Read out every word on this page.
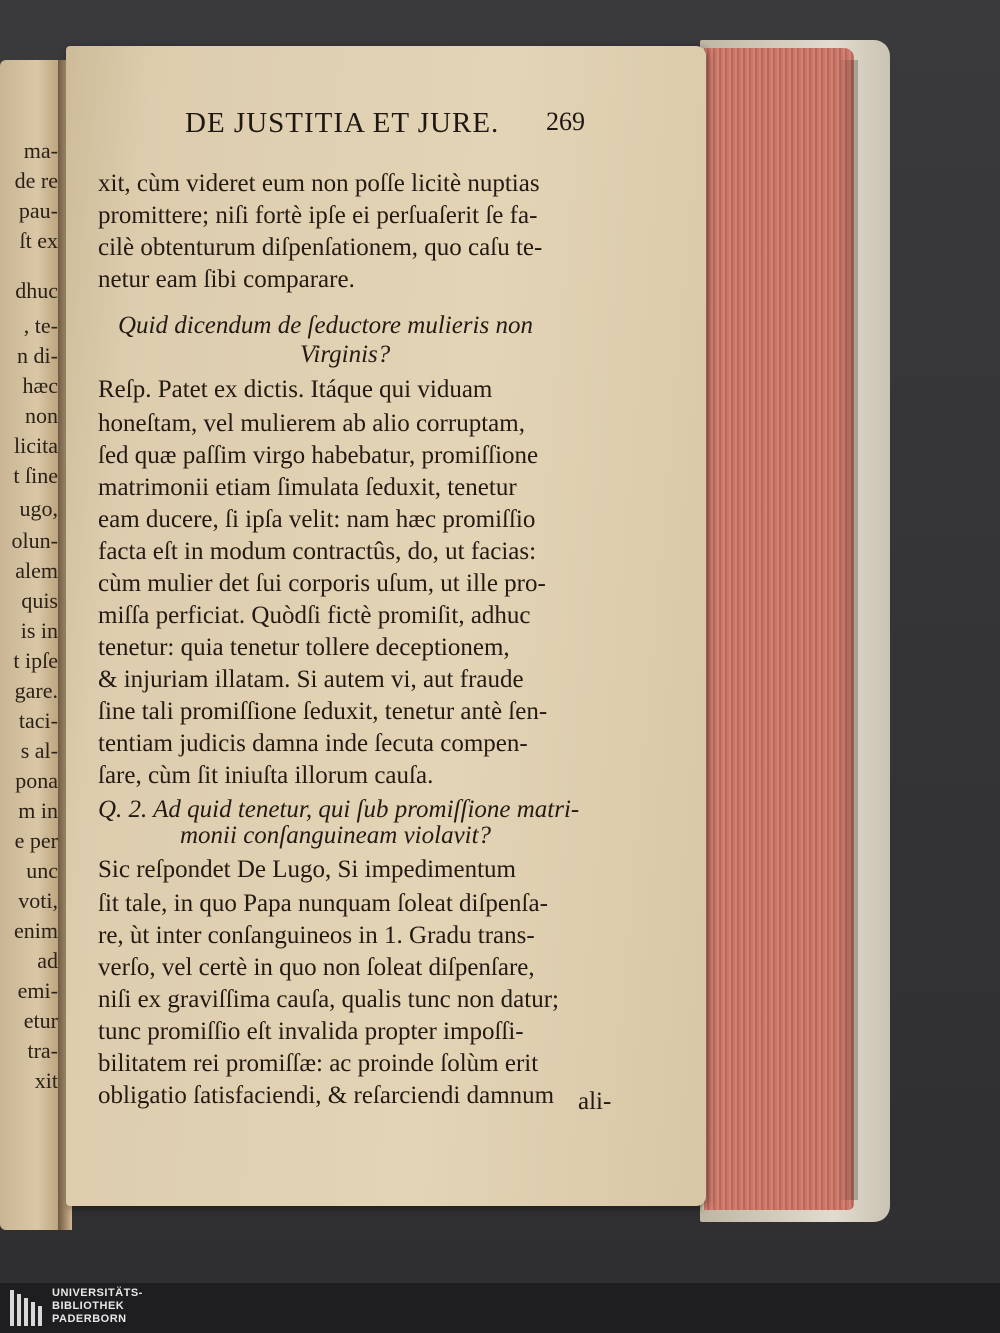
ma-
de re
pau-
ſt ex
dhuc
, te-
n di-
hæc
non
licita
t ſine
ugo,
olun-
alem
quis
is in
t ipſe
gare.
taci-
s al-
pona
m in
e per
unc
voti,
enim
ad
emi-
etur
tra-
xit
DE JUSTITIA ET JURE. 269
xit, cùm videret eum non poſſe licitè nuptias
promittere; niſi fortè ipſe ei perſuaſerit ſe fa-
cilè obtenturum diſpenſationem, quo caſu te-
netur eam ſibi comparare.
Quid dicendum de ſeductore mulieris non
Virginis?
Reſp. Patet ex dictis. Itáque qui viduam
honeſtam, vel mulierem ab alio corruptam,
ſed quæ paſſim virgo habebatur, promiſſione
matrimonii etiam ſimulata ſeduxit, tenetur
eam ducere, ſi ipſa velit: nam hæc promiſſio
facta eſt in modum contractûs, do, ut facias:
cùm mulier det ſui corporis uſum, ut ille pro-
miſſa perficiat. Quòdſi fictè promiſit, adhuc
tenetur: quia tenetur tollere deceptionem,
& injuriam illatam. Si autem vi, aut fraude
ſine tali promiſſione ſeduxit, tenetur antè ſen-
tentiam judicis damna inde ſecuta compen-
ſare, cùm ſit iniuſta illorum cauſa.
Q. 2. Ad quid tenetur, qui ſub promiſſione matri-
monii conſanguineam violavit?
Sic reſpondet De Lugo, Si impedimentum
ſit tale, in quo Papa nunquam ſoleat diſpenſa-
re, ùt inter conſanguineos in 1. Gradu trans-
verſo, vel certè in quo non ſoleat diſpenſare,
niſi ex graviſſima cauſa, qualis tunc non datur;
tunc promiſſio eſt invalida propter impoſſi-
bilitatem rei promiſſæ: ac proinde ſolùm erit
obligatio ſatisfaciendi, & reſarciendi damnum ali-
UNIVERSITÄTS-
BIBLIOTHEK
PADERBORN
